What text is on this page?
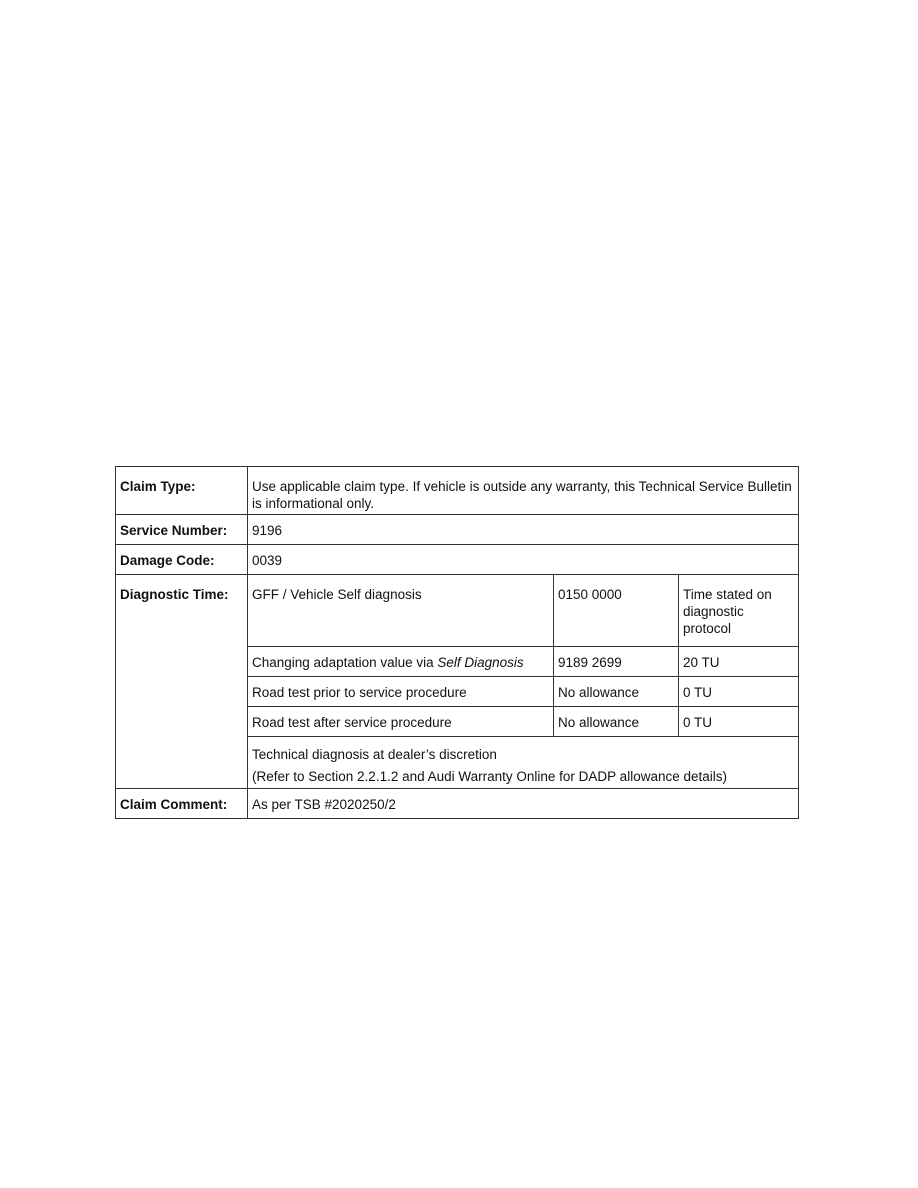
Claim Type:	Use applicable claim type. If vehicle is outside any warranty, this Technical Service Bulletin is informational only.		
Service Number:	9196		
Damage Code:	0039		
Diagnostic Time:	GFF / Vehicle Self diagnosis	0150 0000	Time stated on diagnostic protocol
	Changing adaptation value via Self Diagnosis	9189 2699	20 TU
	Road test prior to service procedure	No allowance	0 TU
	Road test after service procedure	No allowance	0 TU
	Technical diagnosis at dealer’s discretion
(Refer to Section 2.2.1.2 and Audi Warranty Online for DADP allowance details)		

Claim Comment:	As per TSB #2020250/2		
